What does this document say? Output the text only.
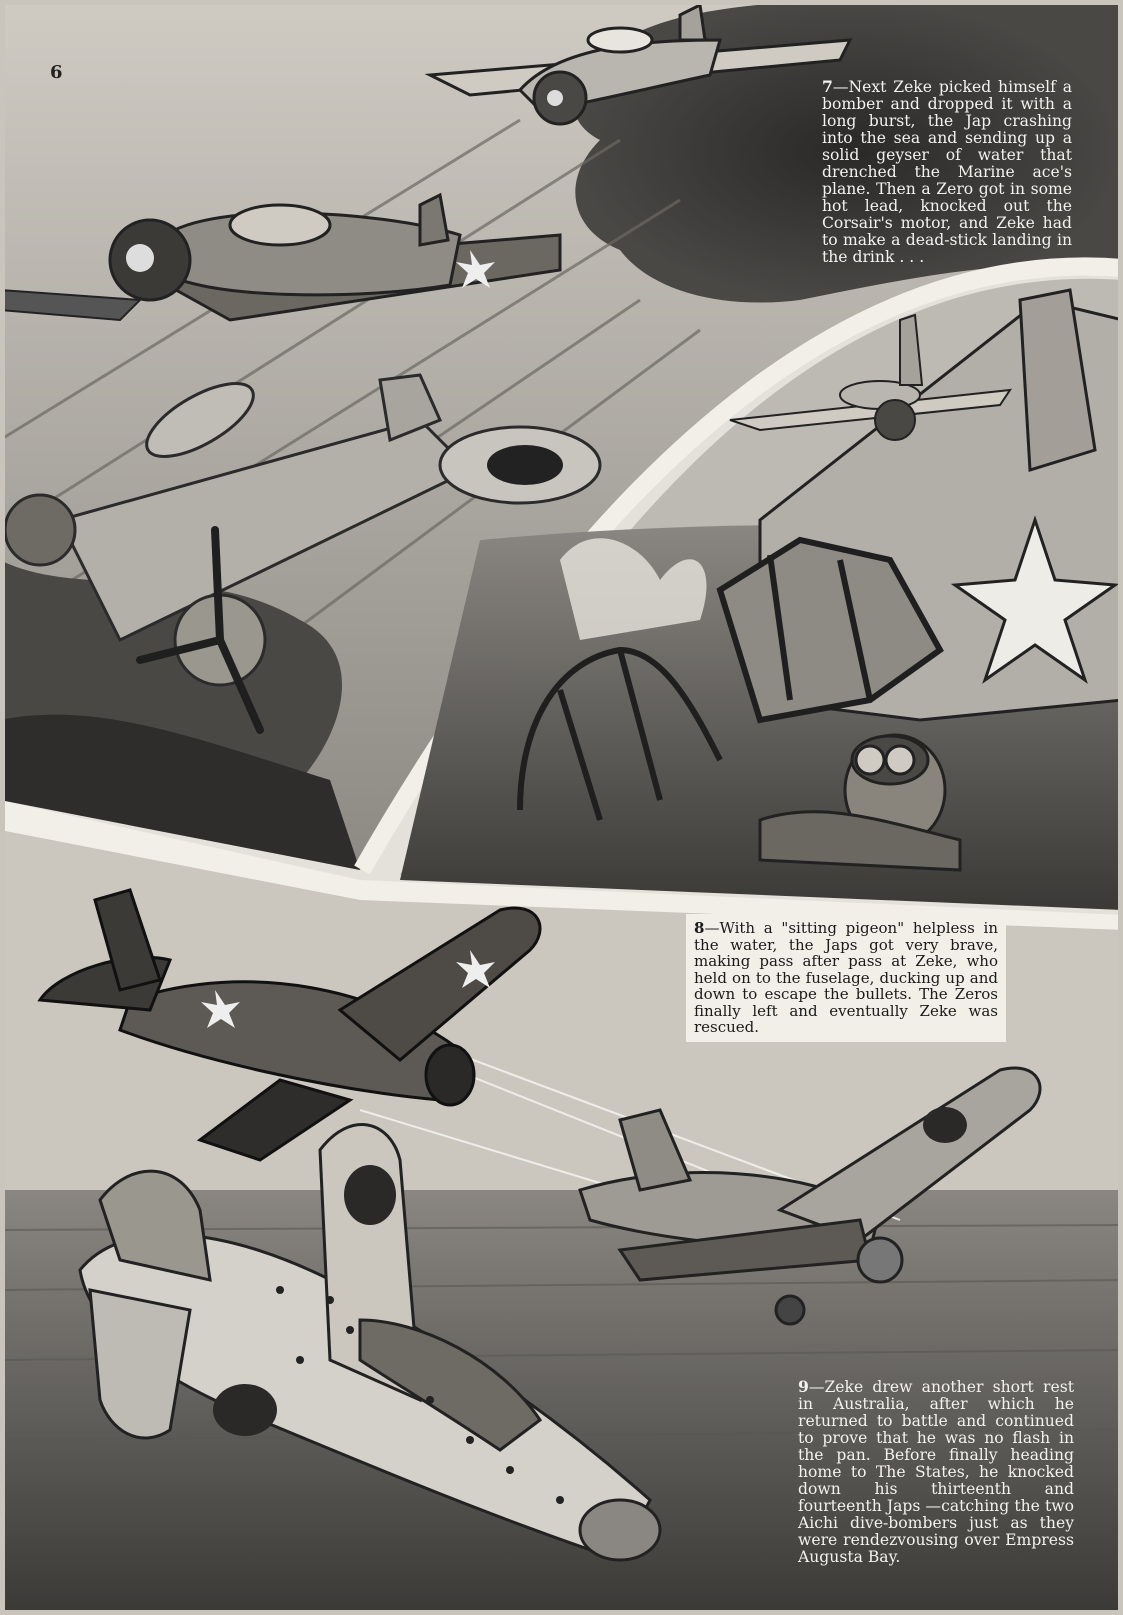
6
7—Next Zeke picked himself a bomber and dropped it with a long burst, the Jap crashing into the sea and sending up a solid geyser of water that drenched the Marine ace's plane. Then a Zero got in some hot lead, knocked out the Corsair's motor, and Zeke had to make a dead-stick landing in the drink . . .
8—With a "sitting pigeon" helpless in the water, the Japs got very brave, making pass after pass at Zeke, who held on to the fuselage, ducking up and down to escape the bullets. The Zeros finally left and eventually Zeke was rescued.
9—Zeke drew another short rest in Australia, after which he returned to battle and continued to prove that he was no flash in the pan. Before finally heading home to The States, he knocked down his thirteenth and fourteenth Japs —catching the two Aichi dive-bombers just as they were rendezvousing over Empress Augusta Bay.
